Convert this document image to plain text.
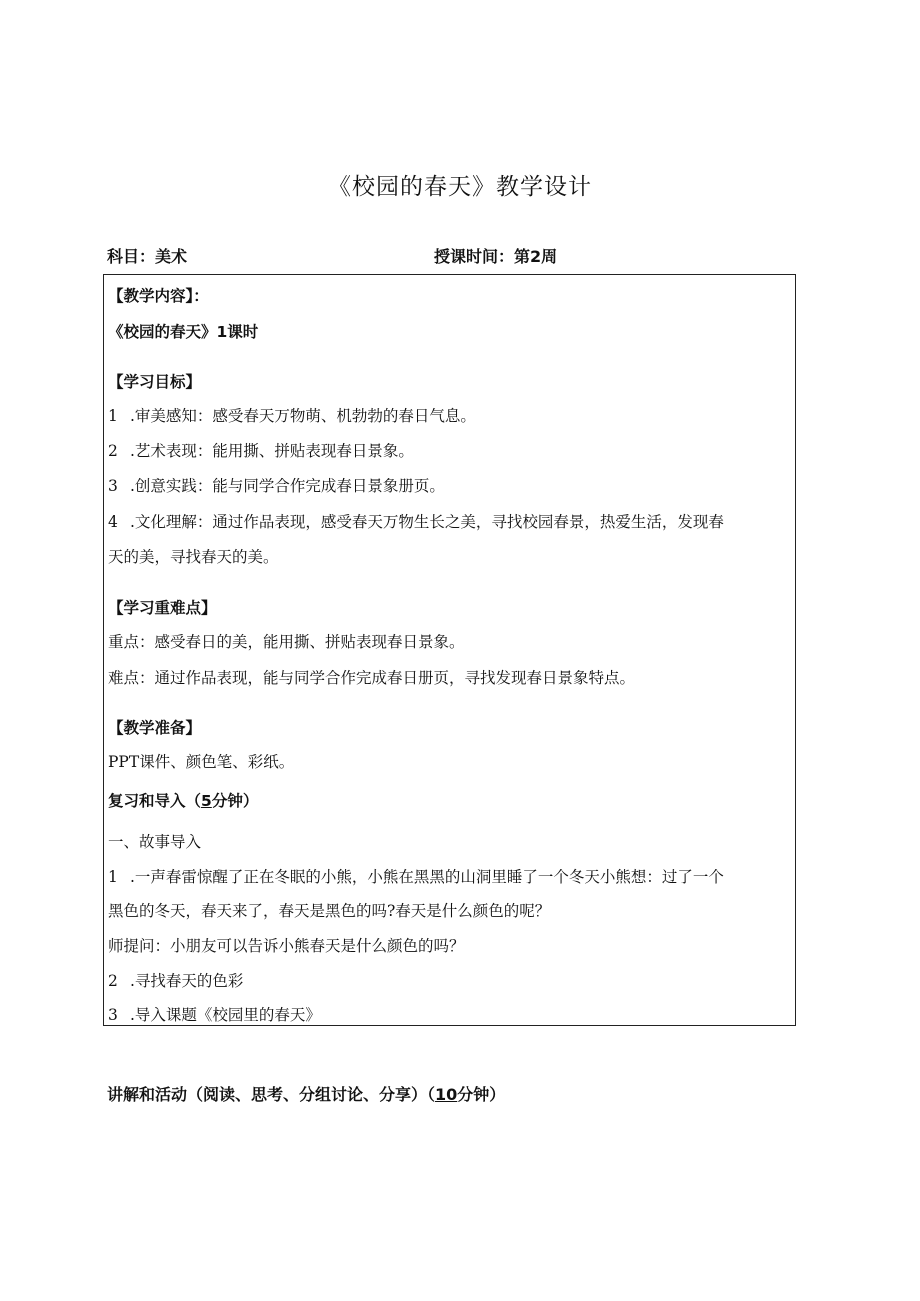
《校园的春天》教学设计
科目：美术	授课时间：第2周
【教学内容】：
《校园的春天》1课时
【学习目标】
1 .审美感知：感受春天万物萌、机勃勃的春日气息。
2 .艺术表现：能用撕、拼贴表现春日景象。
3 .创意实践：能与同学合作完成春日景象册页。
4 .文化理解：通过作品表现，感受春天万物生长之美，寻找校园春景，热爱生活，发现春
天的美，寻找春天的美。
【学习重难点】
重点：感受春日的美，能用撕、拼贴表现春日景象。
难点：通过作品表现，能与同学合作完成春日册页，寻找发现春日景象特点。
【教学准备】
PPT课件、颜色笔、彩纸。
复习和导入（5分钟）
一、故事导入
1 .一声春雷惊醒了正在冬眠的小熊，小熊在黑黑的山洞里睡了一个冬天小熊想：过了一个
黑色的冬天，春天来了，春天是黑色的吗?春天是什么颜色的呢？
师提问：小朋友可以告诉小熊春天是什么颜色的吗？
2 .寻找春天的色彩
3 .导入课题《校园里的春天》
讲解和活动（阅读、思考、分组讨论、分享）（10分钟）
